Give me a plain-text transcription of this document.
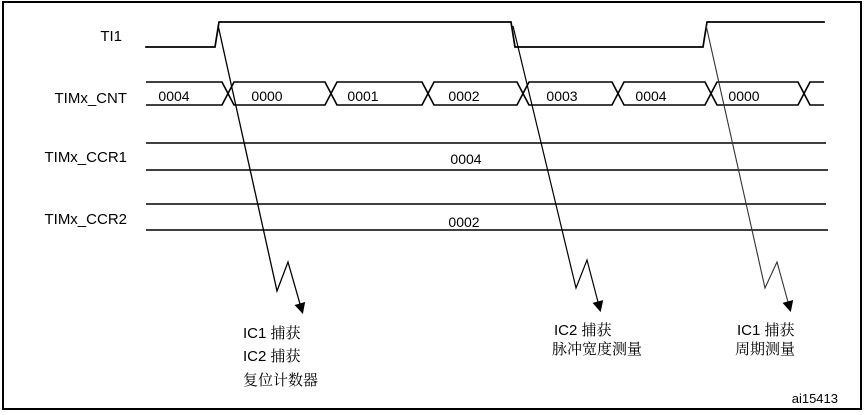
TI1
TIMx_CNT
TIMx_CCR1
TIMx_CCR2
0004	0000	0001	0002	0003	0004	0000
0004
0002
IC1 捕获
IC2 捕获
复位计数器
IC2 捕获
脉冲宽度测量
IC1 捕获
周期测量
ai15413
